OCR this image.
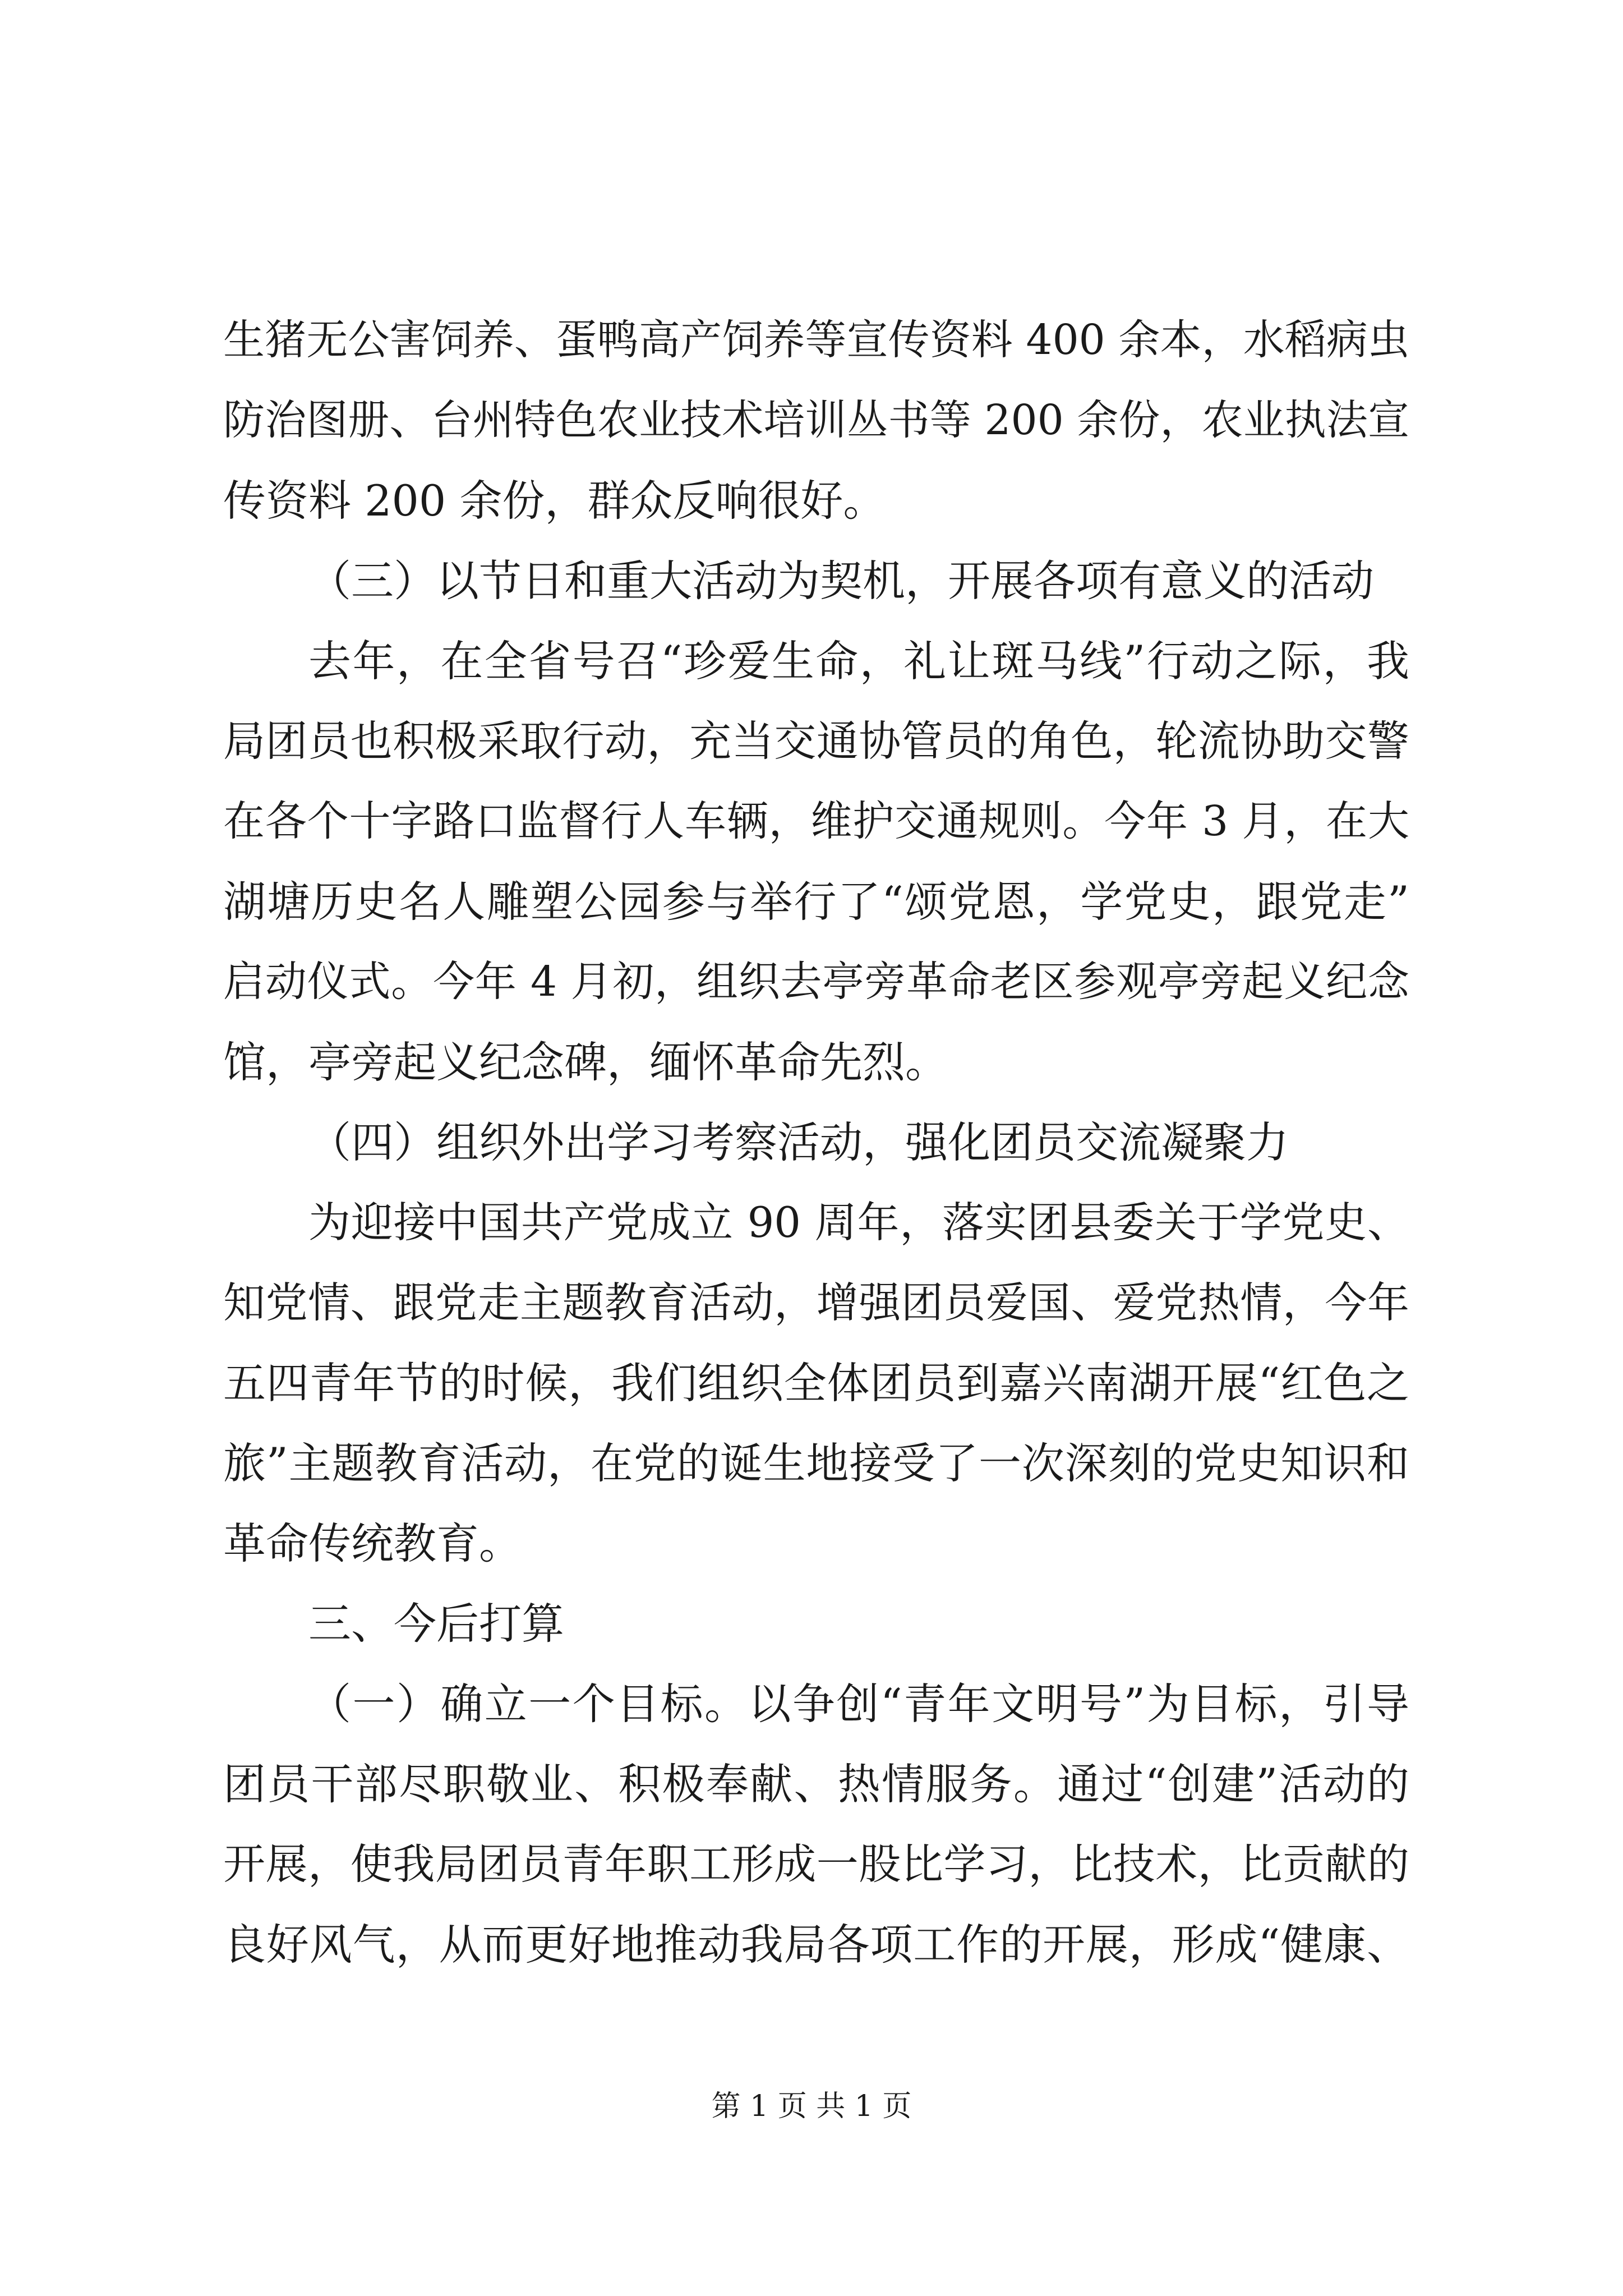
生猪无公害饲养、蛋鸭高产饲养等宣传资料 400 余本，水稻病虫
防治图册、台州特色农业技术培训丛书等 200 余份，农业执法宣
传资料 200 余份，群众反响很好。
（三）以节日和重大活动为契机，开展各项有意义的活动
去年，在全省号召“珍爱生命，礼让斑马线”行动之际，我
局团员也积极采取行动，充当交通协管员的角色，轮流协助交警
在各个十字路口监督行人车辆，维护交通规则。今年 3 月，在大
湖塘历史名人雕塑公园参与举行了“颂党恩，学党史，跟党走”
启动仪式。今年 4 月初，组织去亭旁革命老区参观亭旁起义纪念
馆，亭旁起义纪念碑，缅怀革命先烈。
（四）组织外出学习考察活动，强化团员交流凝聚力
为迎接中国共产党成立 90 周年，落实团县委关于学党史、
知党情、跟党走主题教育活动，增强团员爱国、爱党热情，今年
五四青年节的时候，我们组织全体团员到嘉兴南湖开展“红色之
旅”主题教育活动，在党的诞生地接受了一次深刻的党史知识和
革命传统教育。
三、今后打算
（一）确立一个目标。以争创“青年文明号”为目标，引导
团员干部尽职敬业、积极奉献、热情服务。通过“创建”活动的
开展，使我局团员青年职工形成一股比学习，比技术，比贡献的
良好风气，从而更好地推动我局各项工作的开展，形成“健康、
第 1 页 共 1 页
